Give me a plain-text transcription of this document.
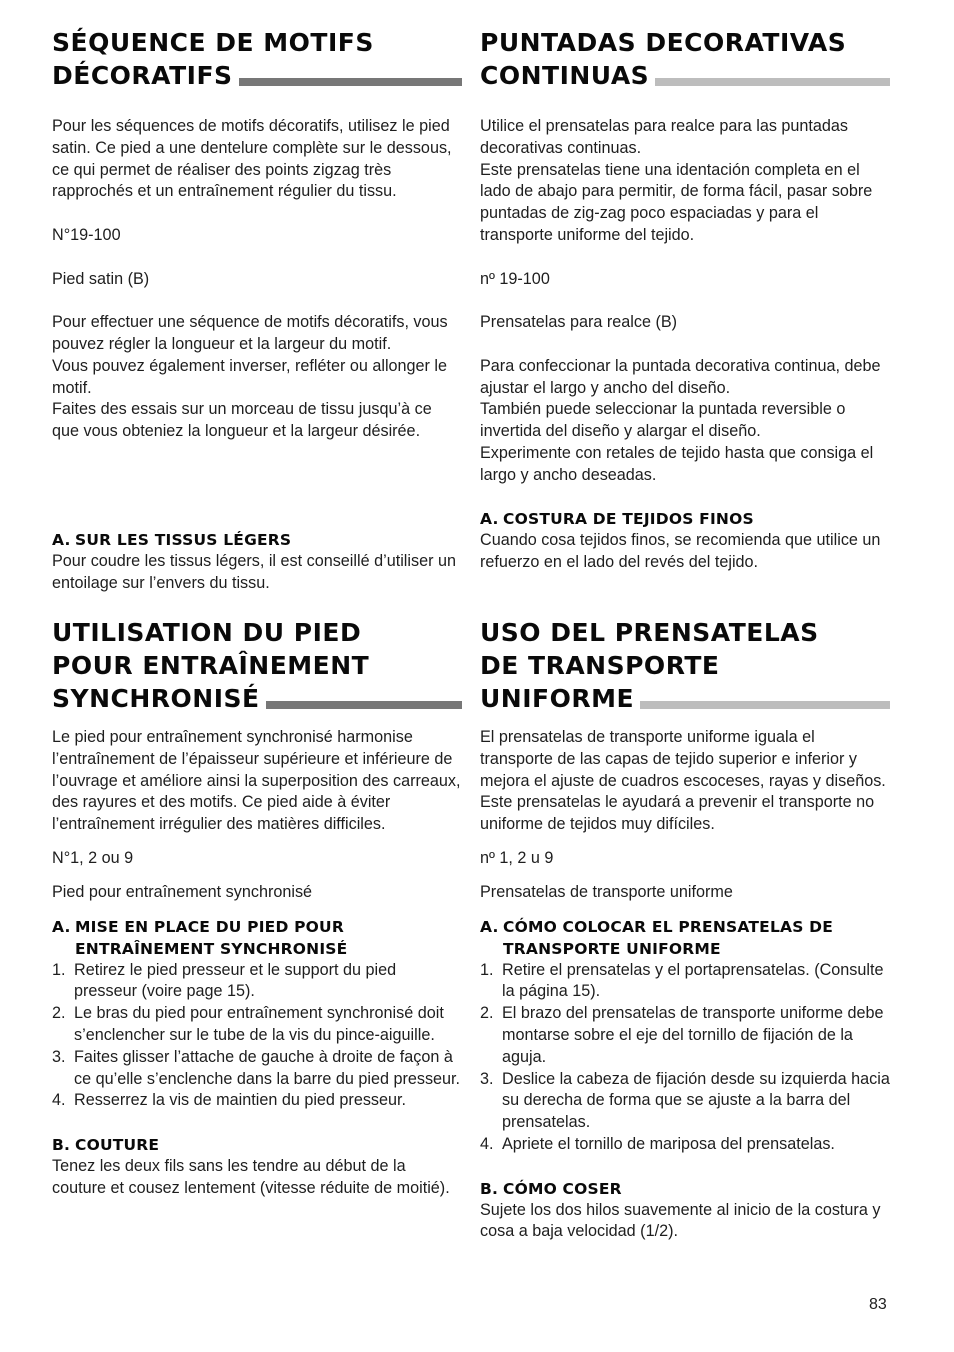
SÉQUENCE DE MOTIFS
DÉCORATIFS

Pour les séquences de motifs décoratifs, utilisez le pied satin. Ce pied a une dentelure complète sur le dessous, ce qui permet de réaliser des points zigzag très rapprochés et un entraînement régulier du tissu.

N°19-100

Pied satin (B)

Pour effectuer une séquence de motifs décoratifs, vous pouvez régler la longueur et la largeur du motif.

Vous pouvez également inverser, refléter ou allonger le motif.

Faites des essais sur un morceau de tissu jusqu’à ce que vous obteniez la longueur et la largeur désirée.

A. SUR LES TISSUS LÉGERS

Pour coudre les tissus légers, il est conseillé d’utiliser un entoilage sur l’envers du tissu.

UTILISATION DU PIED
POUR ENTRAÎNEMENT
SYNCHRONISÉ

Le pied pour entraînement synchronisé harmonise l’entraînement de l’épaisseur supérieure et inférieure de l’ouvrage et améliore ainsi la superposition des carreaux, des rayures et des motifs. Ce pied aide à éviter l’entraînement irrégulier des matières difficiles.

N°1, 2 ou 9

Pied pour entraînement synchronisé

A. MISE EN PLACE DU PIED POUR ENTRAÎNEMENT SYNCHRONISÉ
1. Retirez le pied presseur et le support du pied presseur (voire page 15).
2. Le bras du pied pour entraînement synchronisé doit s’enclencher sur le tube de la vis du pince-aiguille.
3. Faites glisser l’attache de gauche à droite de façon à ce qu’elle s’enclenche dans la barre du pied presseur.
4. Resserrez la vis de maintien du pied presseur.
B. COUTURE

Tenez les deux fils sans les tendre au début de la couture et cousez lentement (vitesse réduite de moitié).

PUNTADAS DECORATIVAS
CONTINUAS

Utilice el prensatelas para realce para las puntadas decorativas continuas.

Este prensatelas tiene una identación completa en el lado de abajo para permitir, de forma fácil, pasar sobre puntadas de zig-zag poco espaciadas y para el transporte uniforme del tejido.

nº 19-100

Prensatelas para realce (B)

Para confeccionar la puntada decorativa continua, debe ajustar el largo y ancho del diseño.

También puede seleccionar la puntada reversible o invertida del diseño y alargar el diseño.

Experimente con retales de tejido hasta que consiga el largo y ancho deseadas.

A. COSTURA DE TEJIDOS FINOS

Cuando cosa tejidos finos, se recomienda que utilice un refuerzo en el lado del revés del tejido.

USO DEL PRENSATELAS
DE TRANSPORTE
UNIFORME

El prensatelas de transporte uniforme iguala el transporte de las capas de tejido superior e inferior y mejora el ajuste de cuadros escoceses, rayas y diseños. Este prensatelas le ayudará a prevenir el transporte no uniforme de tejidos muy difíciles.

nº 1, 2 u 9

Prensatelas de transporte uniforme

A. CÓMO COLOCAR EL PRENSATELAS DE TRANSPORTE UNIFORME
1. Retire el prensatelas y el portaprensatelas. (Consulte la página 15).
2. El brazo del prensatelas de transporte uniforme debe montarse sobre el eje del tornillo de fijación de la aguja.
3. Deslice la cabeza de fijación desde su izquierda hacia su derecha de forma que se ajuste a la barra del prensatelas.
4. Apriete el tornillo de mariposa del prensatelas.
B. CÓMO COSER

Sujete los dos hilos suavemente al inicio de la costura y cosa a baja velocidad (1/2).

83
